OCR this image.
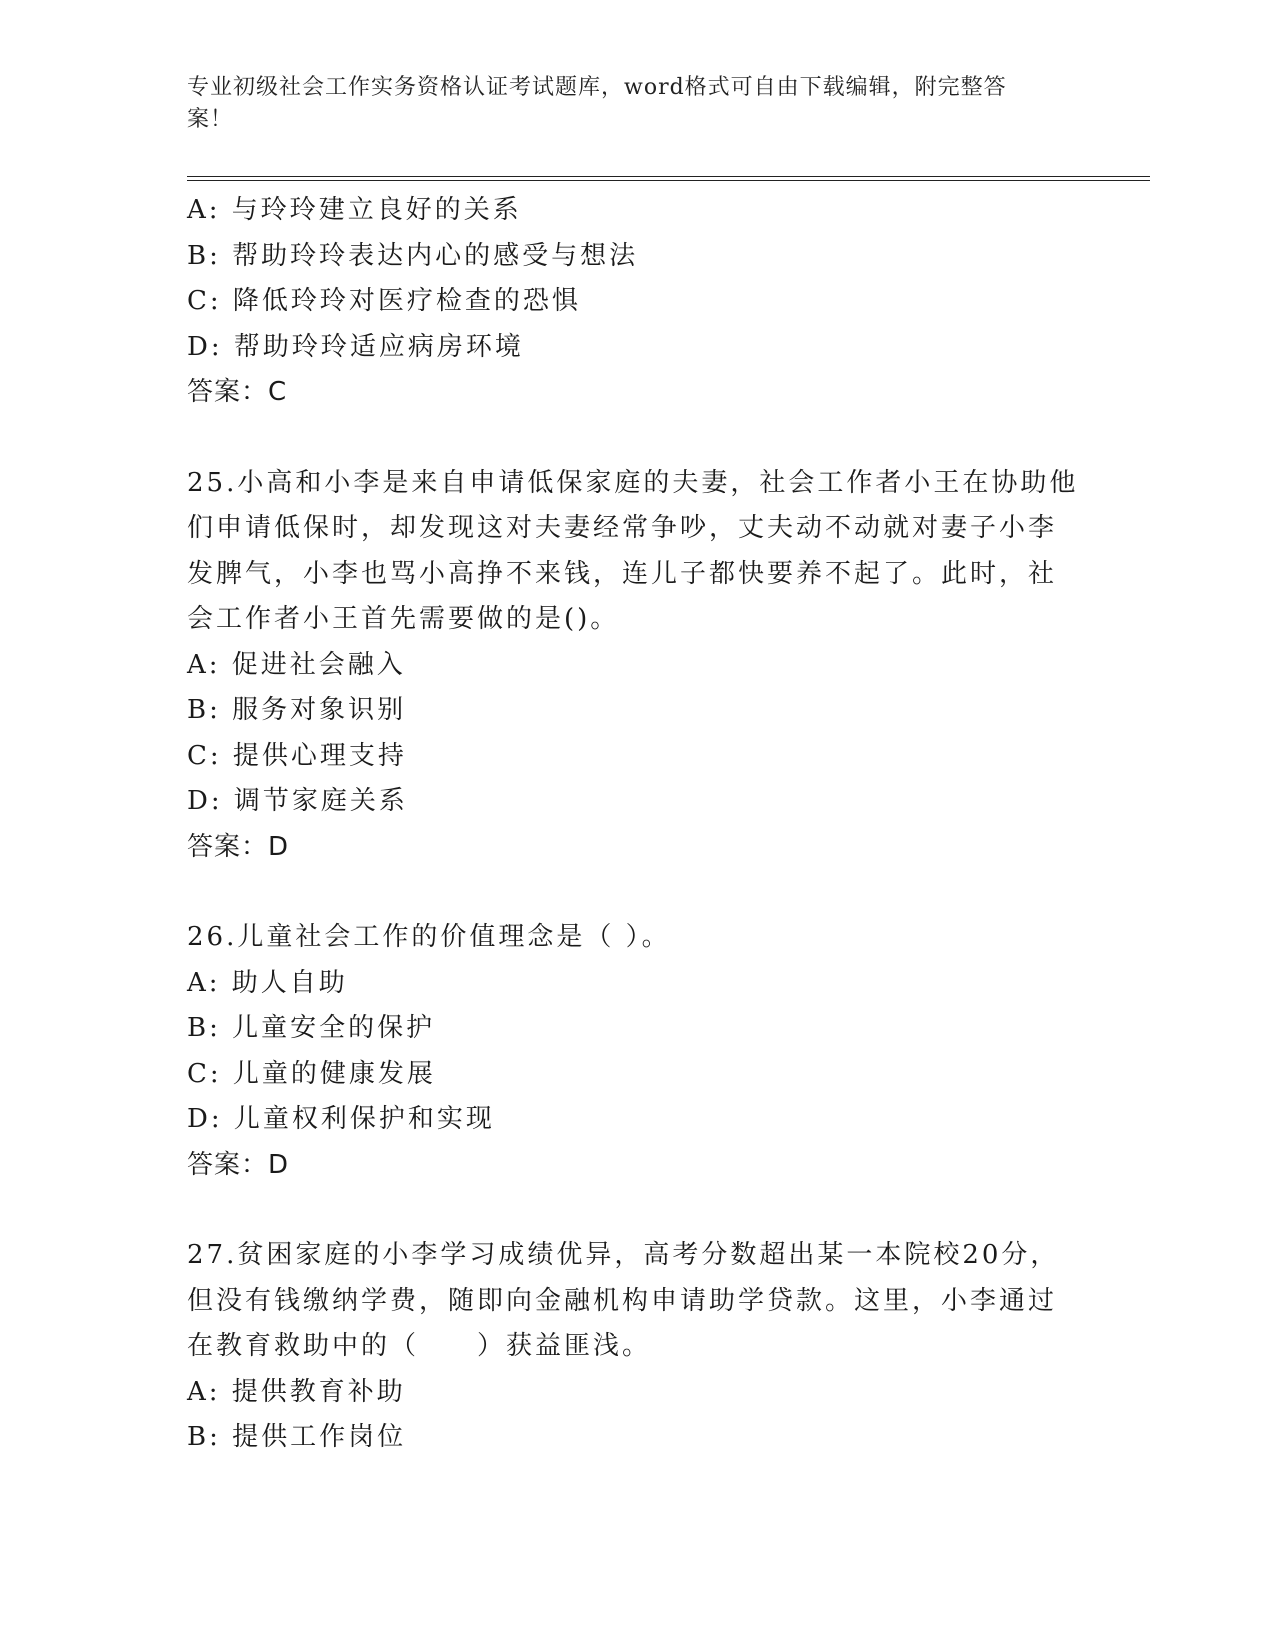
专业初级社会工作实务资格认证考试题库，word格式可自由下载编辑，附完整答
案！
A: 与玲玲建立良好的关系
B: 帮助玲玲表达内心的感受与想法
C: 降低玲玲对医疗检查的恐惧
D: 帮助玲玲适应病房环境
答案：C
25.小高和小李是来自申请低保家庭的夫妻，社会工作者小王在协助他
们申请低保时，却发现这对夫妻经常争吵，丈夫动不动就对妻子小李
发脾气，小李也骂小高挣不来钱，连儿子都快要养不起了。此时，社
会工作者小王首先需要做的是()。
A: 促进社会融入
B: 服务对象识别
C: 提供心理支持
D: 调节家庭关系
答案：D
26.儿童社会工作的价值理念是（ ）。
A: 助人自助
B: 儿童安全的保护
C: 儿童的健康发展
D: 儿童权利保护和实现
答案：D
27.贫困家庭的小李学习成绩优异，高考分数超出某一本院校20分，
但没有钱缴纳学费，随即向金融机构申请助学贷款。这里，小李通过
在教育救助中的（　　）获益匪浅。
A: 提供教育补助
B: 提供工作岗位
